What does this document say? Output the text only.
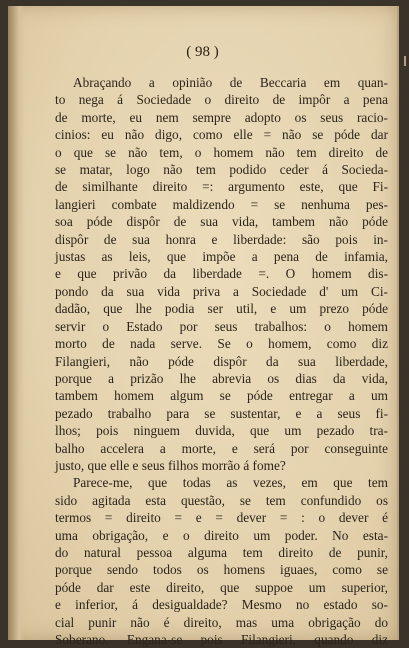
( 98 )
Abraçando a opinião de Beccaria em quan-
to nega á Sociedade o direito de impôr a pena
de morte, eu nem sempre adopto os seus racio-
cinios: eu não digo, como elle = não se póde dar
o que se não tem, o homem não tem direito de
se matar, logo não tem podido ceder á Socieda-
de similhante direito =: argumento este, que Fi-
langieri combate maldizendo = se nenhuma pes-
soa póde dispôr de sua vida, tambem não póde
dispôr de sua honra e liberdade: são pois in-
justas as leis, que impõe a pena de infamia,
e que privão da liberdade =. O homem dis-
pondo da sua vida priva a Sociedade d' um Ci-
dadão, que lhe podia ser util, e um prezo póde
servir o Estado por seus trabalhos: o homem
morto de nada serve. Se o homem, como diz
Filangieri, não póde dispôr da sua liberdade,
porque a prizão lhe abrevia os dias da vida,
tambem homem algum se póde entregar a um
pezado trabalho para se sustentar, e a seus fi-
lhos; pois ninguem duvida, que um pezado tra-
balho accelera a morte, e será por conseguinte
justo, que elle e seus filhos morrão á fome?
Parece-me, que todas as vezes, em que tem
sido agitada esta questão, se tem confundido os
termos = direito = e = dever = : o dever é
uma obrigação, e o direito um poder. No esta-
do natural pessoa alguma tem direito de punir,
porque sendo todos os homens iguaes, como se
póde dar este direito, que suppoe um superior,
e inferior, á desigualdade? Mesmo no estado so-
cial punir não é direito, mas uma obrigação do
Soberano. Engana-se pois Filangieri, quando diz
